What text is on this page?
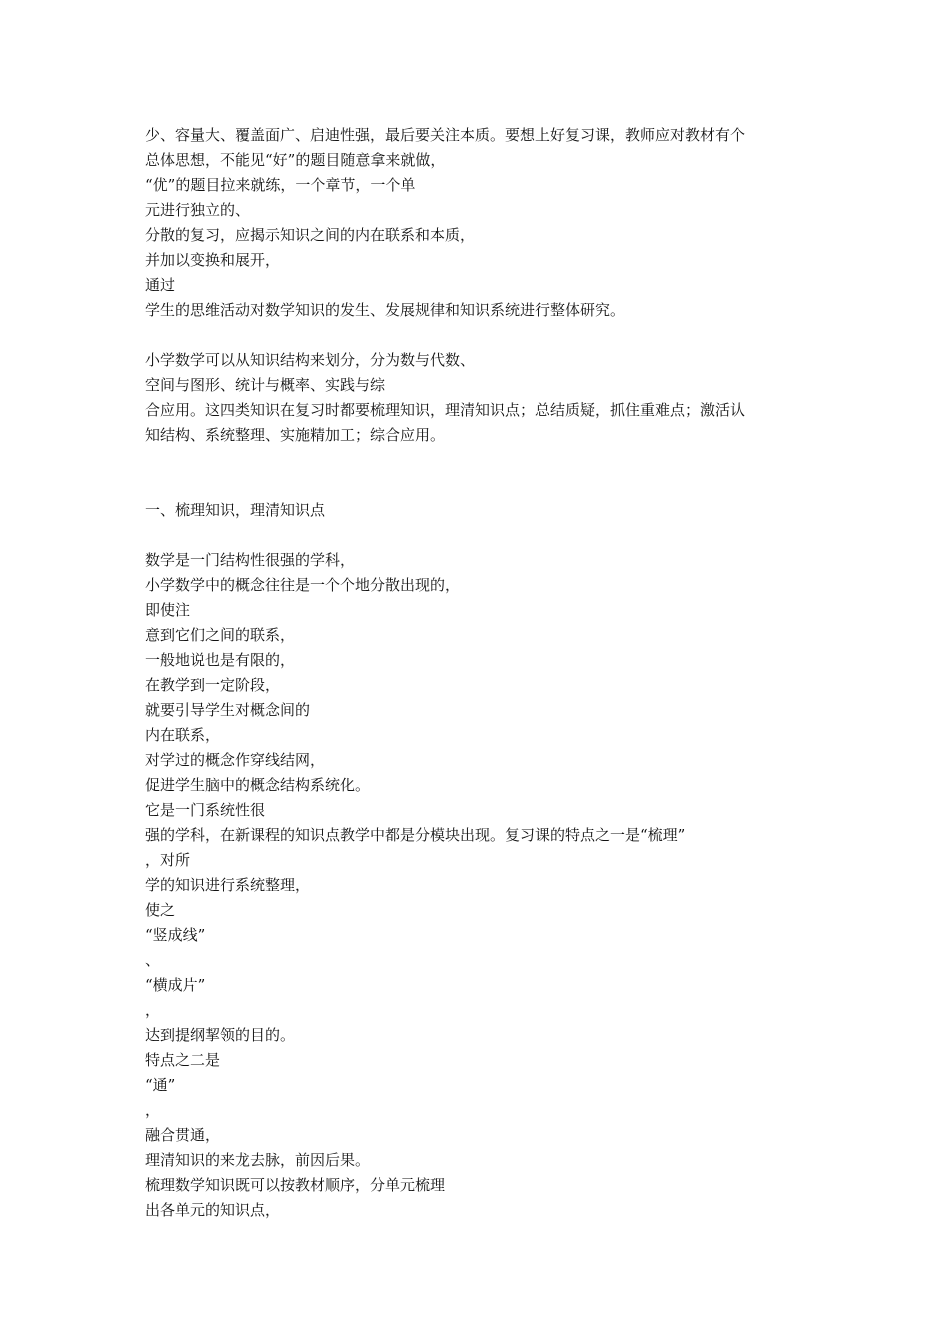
少、容量大、覆盖面广、启迪性强，最后要关注本质。要想上好复习课，教师应对教材有个
总体思想，不能见“好”的题目随意拿来就做，
“优”的题目拉来就练，一个章节，一个单
元进行独立的、
分散的复习，应揭示知识之间的内在联系和本质，
并加以变换和展开，
通过
学生的思维活动对数学知识的发生、发展规律和知识系统进行整体研究。
小学数学可以从知识结构来划分，分为数与代数、
空间与图形、统计与概率、实践与综
合应用。这四类知识在复习时都要梳理知识，理清知识点；总结质疑，抓住重难点；激活认
知结构、系统整理、实施精加工；综合应用。
一、梳理知识，理清知识点
数学是一门结构性很强的学科，
小学数学中的概念往往是一个个地分散出现的，
即使注
意到它们之间的联系，
一般地说也是有限的，
在教学到一定阶段，
就要引导学生对概念间的
内在联系，
对学过的概念作穿线结网，
促进学生脑中的概念结构系统化。
它是一门系统性很
强的学科，在新课程的知识点教学中都是分模块出现。复习课的特点之一是“梳理”
，对所
学的知识进行系统整理，
使之
“竖成线”
、
“横成片”
，
达到提纲挈领的目的。
特点之二是
“通”
，
融合贯通，
理清知识的来龙去脉，前因后果。
梳理数学知识既可以按教材顺序，分单元梳理
出各单元的知识点，
